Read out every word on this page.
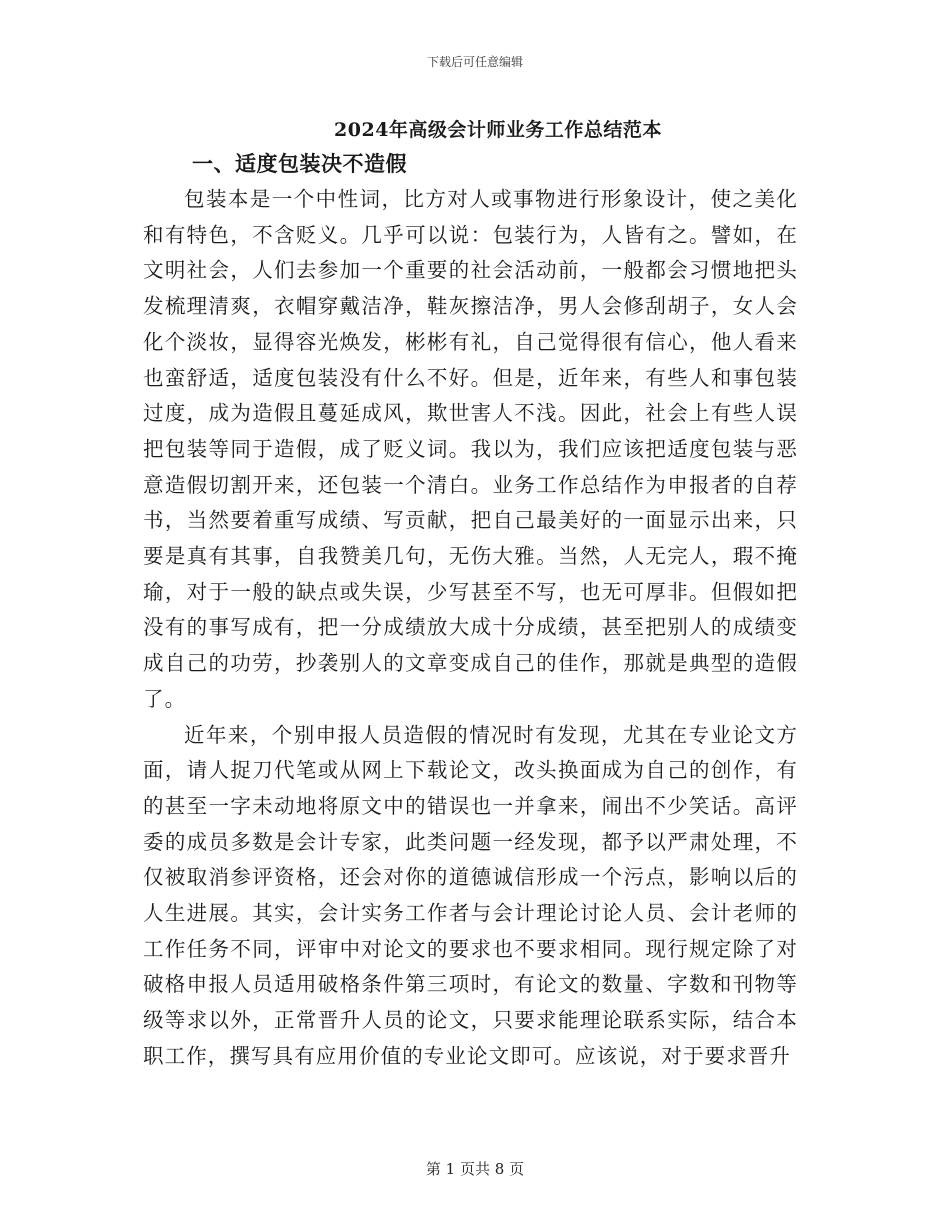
下载后可任意编辑
2024年高级会计师业务工作总结范本
一、适度包装决不造假

包装本是一个中性词，比方对人或事物进行形象设计，使之美化和有特色，不含贬义。几乎可以说：包装行为，人皆有之。譬如，在文明社会，人们去参加一个重要的社会活动前，一般都会习惯地把头发梳理清爽，衣帽穿戴洁净，鞋灰擦洁净，男人会修刮胡子，女人会化个淡妆，显得容光焕发，彬彬有礼，自己觉得很有信心，他人看来也蛮舒适，适度包装没有什么不好。但是，近年来，有些人和事包装过度，成为造假且蔓延成风，欺世害人不浅。因此，社会上有些人误把包装等同于造假，成了贬义词。我以为，我们应该把适度包装与恶意造假切割开来，还包装一个清白。业务工作总结作为申报者的自荐书，当然要着重写成绩、写贡献，把自己最美好的一面显示出来，只要是真有其事，自我赞美几句，无伤大雅。当然，人无完人，瑕不掩瑜，对于一般的缺点或失误，少写甚至不写，也无可厚非。但假如把没有的事写成有，把一分成绩放大成十分成绩，甚至把别人的成绩变成自己的功劳，抄袭别人的文章变成自己的佳作，那就是典型的造假了。

近年来，个别申报人员造假的情况时有发现，尤其在专业论文方面，请人捉刀代笔或从网上下载论文，改头换面成为自己的创作，有的甚至一字未动地将原文中的错误也一并拿来，闹出不少笑话。高评委的成员多数是会计专家，此类问题一经发现，都予以严肃处理，不仅被取消参评资格，还会对你的道德诚信形成一个污点，影响以后的人生进展。其实，会计实务工作者与会计理论讨论人员、会计老师的工作任务不同，评审中对论文的要求也不要求相同。现行规定除了对破格申报人员适用破格条件第三项时，有论文的数量、字数和刊物等级等求以外，正常晋升人员的论文，只要求能理论联系实际，结合本职工作，撰写具有应用价值的专业论文即可。应该说，对于要求晋升

第 1 页共 8 页
